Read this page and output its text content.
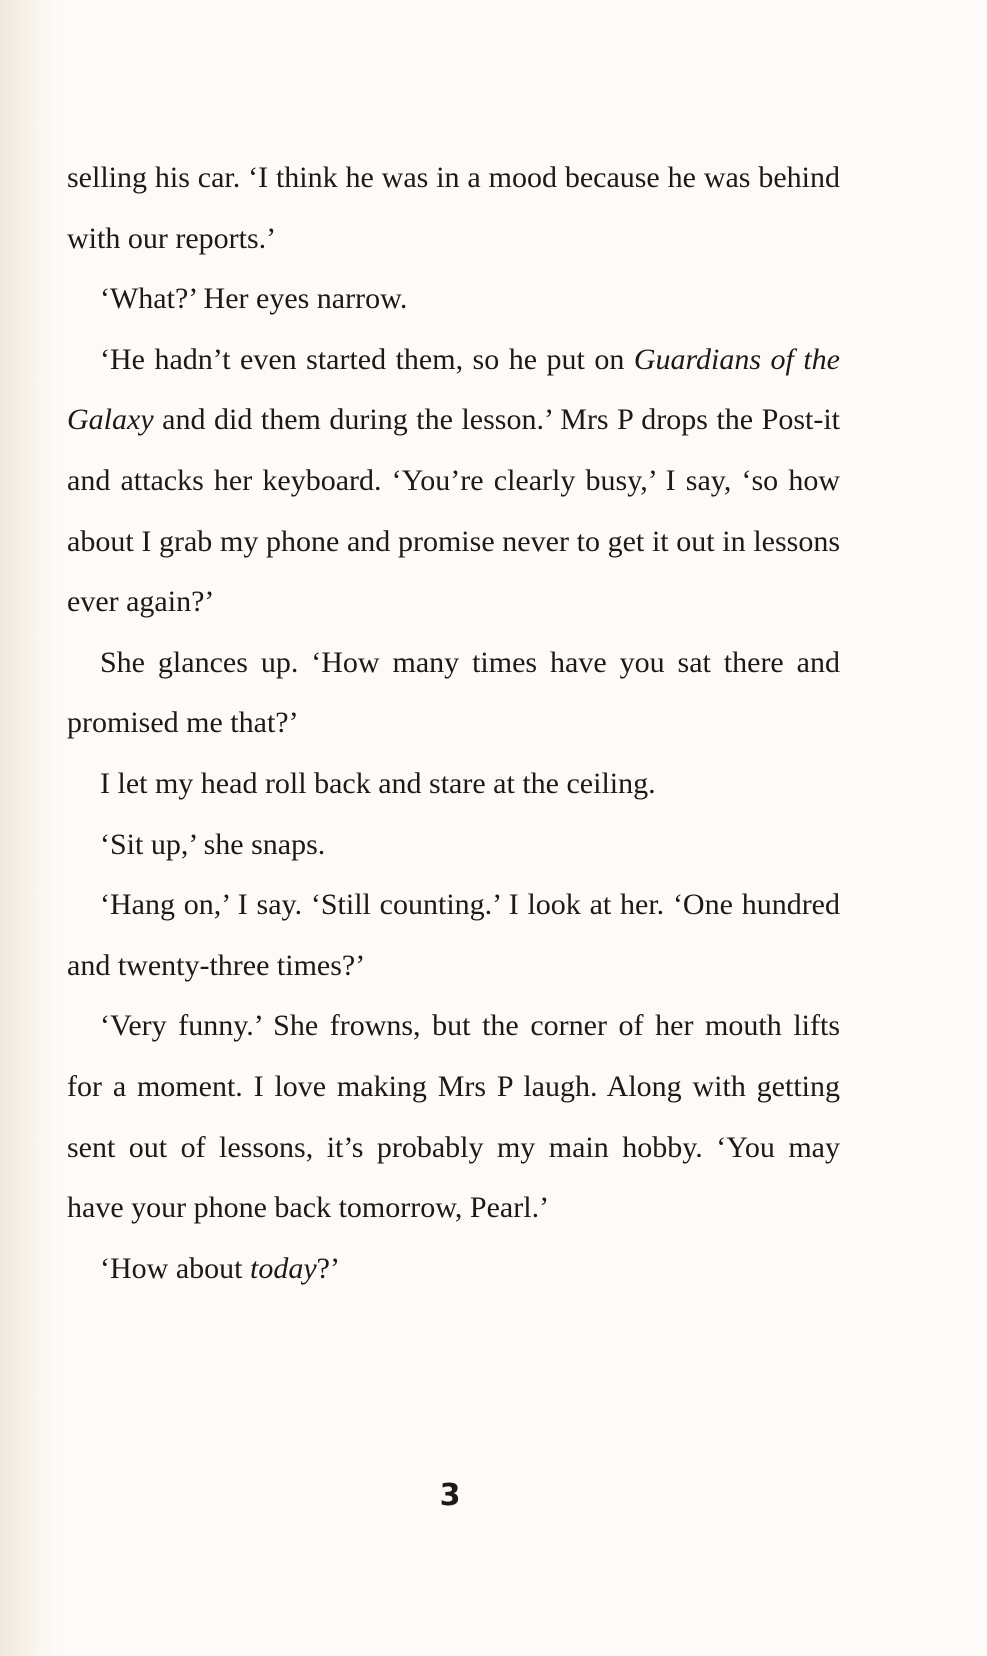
selling his car. ‘I think he was in a mood because he was behind with our reports.’

‘What?’ Her eyes narrow.

‘He hadn’t even started them, so he put on Guardians of the Galaxy and did them during the lesson.’ Mrs P drops the Post-it and attacks her keyboard. ‘You’re clearly busy,’ I say, ‘so how about I grab my phone and promise never to get it out in lessons ever again?’

She glances up. ‘How many times have you sat there and promised me that?’

I let my head roll back and stare at the ceiling.

‘Sit up,’ she snaps.

‘Hang on,’ I say. ‘Still counting.’ I look at her. ‘One hundred and twenty-three times?’

‘Very funny.’ She frowns, but the corner of her mouth lifts for a moment. I love making Mrs P laugh. Along with getting sent out of lessons, it’s probably my main hobby. ‘You may have your phone back tomorrow, Pearl.’

‘How about today?’

3
